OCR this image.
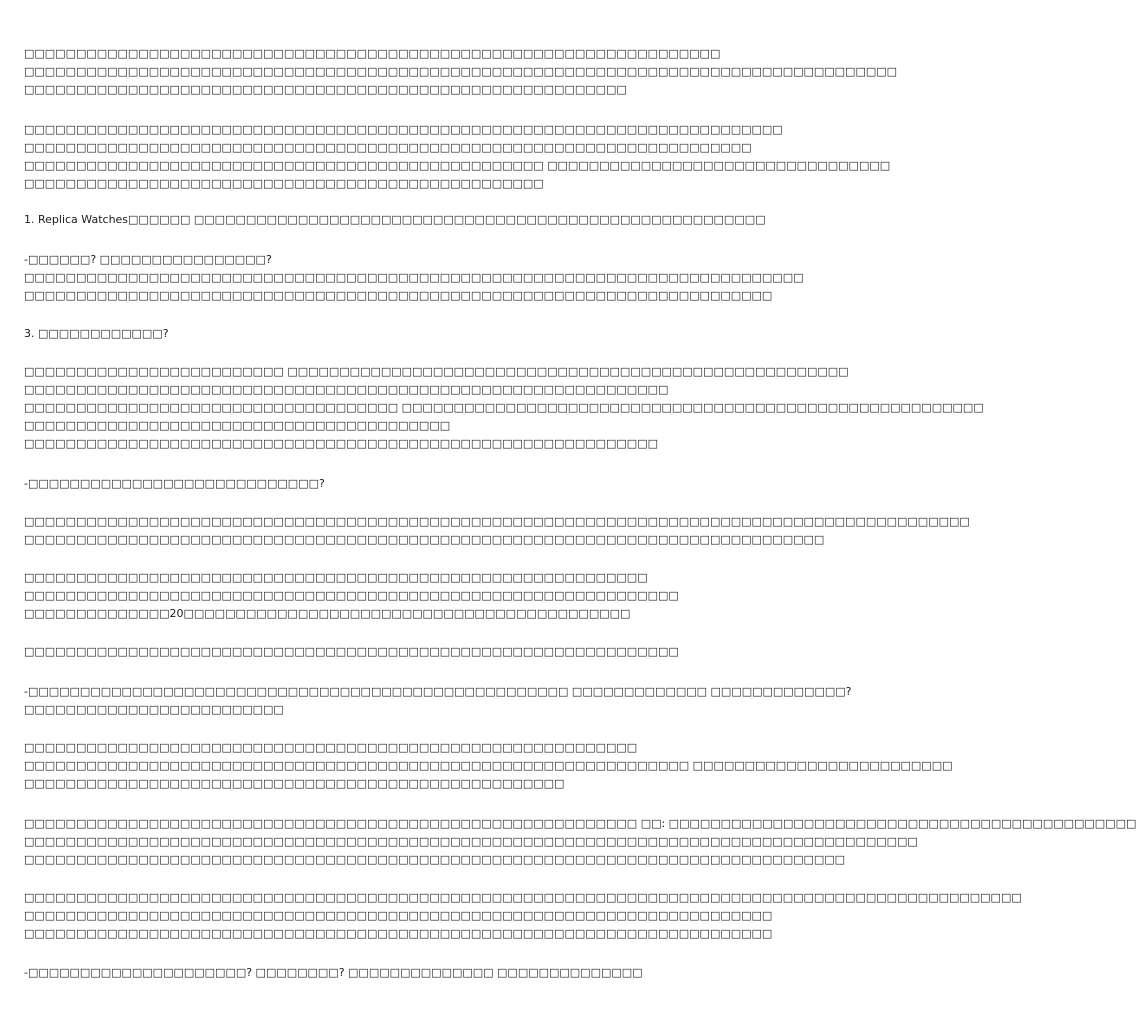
□□□□□□□□□□□□□□□□□□□□□□□□□□□□□□□□□□□□□□□□□□□□□□□□□□□□□□□□□□□□□□□□□□□
□□□□□□□□□□□□□□□□□□□□□□□□□□□□□□□□□□□□□□□□□□□□□□□□□□□□□□□□□□□□□□□□□□□□□□□□□□□□□□□□□□□□
□□□□□□□□□□□□□□□□□□□□□□□□□□□□□□□□□□□□□□□□□□□□□□□□□□□□□□□□□□
□□□□□□□□□□□□□□□□□□□□□□□□□□□□□□□□□□□□□□□□□□□□□□□□□□□□□□□□□□□□□□□□□□□□□□□□□
□□□□□□□□□□□□□□□□□□□□□□□□□□□□□□□□□□□□□□□□□□□□□□□□□□□□□□□□□□□□□□□□□□□□□□
□□□□□□□□□□□□□□□□□□□□□□□□□□□□□□□□□□□□□□□□□□□□□□□□□□ □□□□□□□□□□□□□□□□□□□□□□□□□□□□□□□□□
□□□□□□□□□□□□□□□□□□□□□□□□□□□□□□□□□□□□□□□□□□□□□□□□□□
1. Replica Watches□□□□□□ □□□□□□□□□□□□□□□□□□□□□□□□□□□□□□□□□□□□□□□□□□□□□□□□□□□□□□□
-□□□□□□? □□□□□□□□□□□□□□□□?
□□□□□□□□□□□□□□□□□□□□□□□□□□□□□□□□□□□□□□□□□□□□□□□□□□□□□□□□□□□□□□□□□□□□□□□□□□□
□□□□□□□□□□□□□□□□□□□□□□□□□□□□□□□□□□□□□□□□□□□□□□□□□□□□□□□□□□□□□□□□□□□□□□□□
3. □□□□□□□□□□□□?
□□□□□□□□□□□□□□□□□□□□□□□□□ □□□□□□□□□□□□□□□□□□□□□□□□□□□□□□□□□□□□□□□□□□□□□□□□□□□□□□
□□□□□□□□□□□□□□□□□□□□□□□□□□□□□□□□□□□□□□□□□□□□□□□□□□□□□□□□□□□□□□
□□□□□□□□□□□□□□□□□□□□□□□□□□□□□□□□□□□□ □□□□□□□□□□□□□□□□□□□□□□□□□□□□□□□□□□□□□□□□□□□□□□□□□□□□□□□□
□□□□□□□□□□□□□□□□□□□□□□□□□□□□□□□□□□□□□□□□□
□□□□□□□□□□□□□□□□□□□□□□□□□□□□□□□□□□□□□□□□□□□□□□□□□□□□□□□□□□□□□
-□□□□□□□□□□□□□□□□□□□□□□□□□□□□?
□□□□□□□□□□□□□□□□□□□□□□□□□□□□□□□□□□□□□□□□□□□□□□□□□□□□□□□□□□□□□□□□□□□□□□□□□□□□□□□□□□□□□□□□□□□
□□□□□□□□□□□□□□□□□□□□□□□□□□□□□□□□□□□□□□□□□□□□□□□□□□□□□□□□□□□□□□□□□□□□□□□□□□□□□
□□□□□□□□□□□□□□□□□□□□□□□□□□□□□□□□□□□□□□□□□□□□□□□□□□□□□□□□□□□□
□□□□□□□□□□□□□□□□□□□□□□□□□□□□□□□□□□□□□□□□□□□□□□□□□□□□□□□□□□□□□□□
□□□□□□□□□□□□□□20□□□□□□□□□□□□□□□□□□□□□□□□□□□□□□□□□□□□□□□□□□□
□□□□□□□□□□□□□□□□□□□□□□□□□□□□□□□□□□□□□□□□□□□□□□□□□□□□□□□□□□□□□□□
-□□□□□□□□□□□□□□□□□□□□□□□□□□□□□□□□□□□□□□□□□□□□□□□□□□□□ □□□□□□□□□□□□□ □□□□□□□□□□□□□?
□□□□□□□□□□□□□□□□□□□□□□□□□
□□□□□□□□□□□□□□□□□□□□□□□□□□□□□□□□□□□□□□□□□□□□□□□□□□□□□□□□□□□
□□□□□□□□□□□□□□□□□□□□□□□□□□□□□□□□□□□□□□□□□□□□□□□□□□□□□□□□□□□□□□□□ □□□□□□□□□□□□□□□□□□□□□□□□□
□□□□□□□□□□□□□□□□□□□□□□□□□□□□□□□□□□□□□□□□□□□□□□□□□□□□
□□□□□□□□□□□□□□□□□□□□□□□□□□□□□□□□□□□□□□□□□□□□□□□□□□□□□□□□□□□ □□: □□□□□□□□□□□□□□□□□□□□□□□□□□□□□□□□□□□□□□□□□□□□□
□□□□□□□□□□□□□□□□□□□□□□□□□□□□□□□□□□□□□□□□□□□□□□□□□□□□□□□□□□□□□□□□□□□□□□□□□□□□□□□□□□□□□□
□□□□□□□□□□□□□□□□□□□□□□□□□□□□□□□□□□□□□□□□□□□□□□□□□□□□□□□□□□□□□□□□□□□□□□□□□□□□□□□
□□□□□□□□□□□□□□□□□□□□□□□□□□□□□□□□□□□□□□□□□□□□□□□□□□□□□□□□□□□□□□□□□□□□□□□□□□□□□□□□□□□□□□□□□□□□□□□□
□□□□□□□□□□□□□□□□□□□□□□□□□□□□□□□□□□□□□□□□□□□□□□□□□□□□□□□□□□□□□□□□□□□□□□□□
□□□□□□□□□□□□□□□□□□□□□□□□□□□□□□□□□□□□□□□□□□□□□□□□□□□□□□□□□□□□□□□□□□□□□□□□
-□□□□□□□□□□□□□□□□□□□□□? □□□□□□□□? □□□□□□□□□□□□□□ □□□□□□□□□□□□□□
